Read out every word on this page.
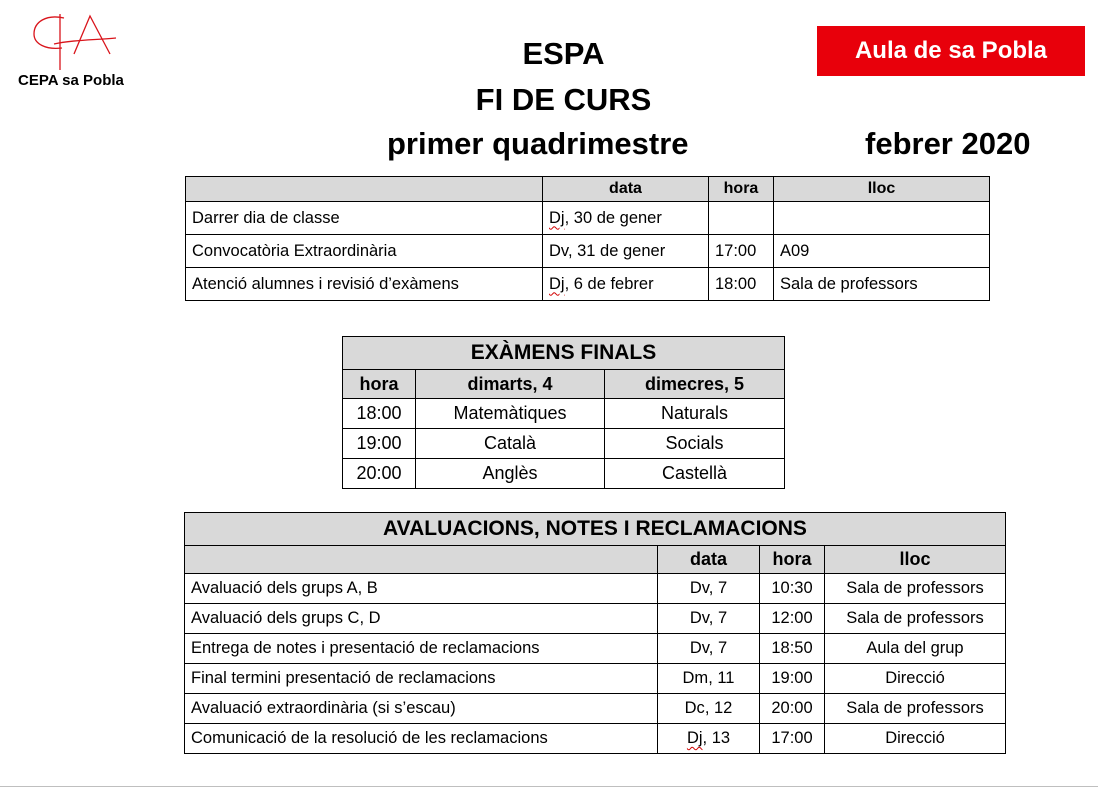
CEPA sa Pobla
Aula de sa Pobla
ESPA
FI DE CURS
primer quadrimestre	febrer 2020
	data	hora	lloc
Darrer dia de classe	Dj, 30 de gener		
Convocatòria Extraordinària	Dv, 31 de gener	17:00	A09
Atenció alumnes i revisió d’exàmens	Dj, 6 de febrer	18:00	Sala de professors
EXÀMENS FINALS		
hora	dimarts, 4	dimecres, 5
18:00	Matemàtiques	Naturals
19:00	Català	Socials
20:00	Anglès	Castellà
AVALUACIONS, NOTES I RECLAMACIONS			
	data	hora	lloc
Avaluació dels grups A, B	Dv, 7	10:30	Sala de professors
Avaluació dels grups C, D	Dv, 7	12:00	Sala de professors
Entrega de notes i presentació de reclamacions	Dv, 7	18:50	Aula del grup
Final termini presentació de reclamacions	Dm, 11	19:00	Direcció
Avaluació extraordinària (si s’escau)	Dc, 12	20:00	Sala de professors
Comunicació de la resolució de les reclamacions	Dj, 13	17:00	Direcció
